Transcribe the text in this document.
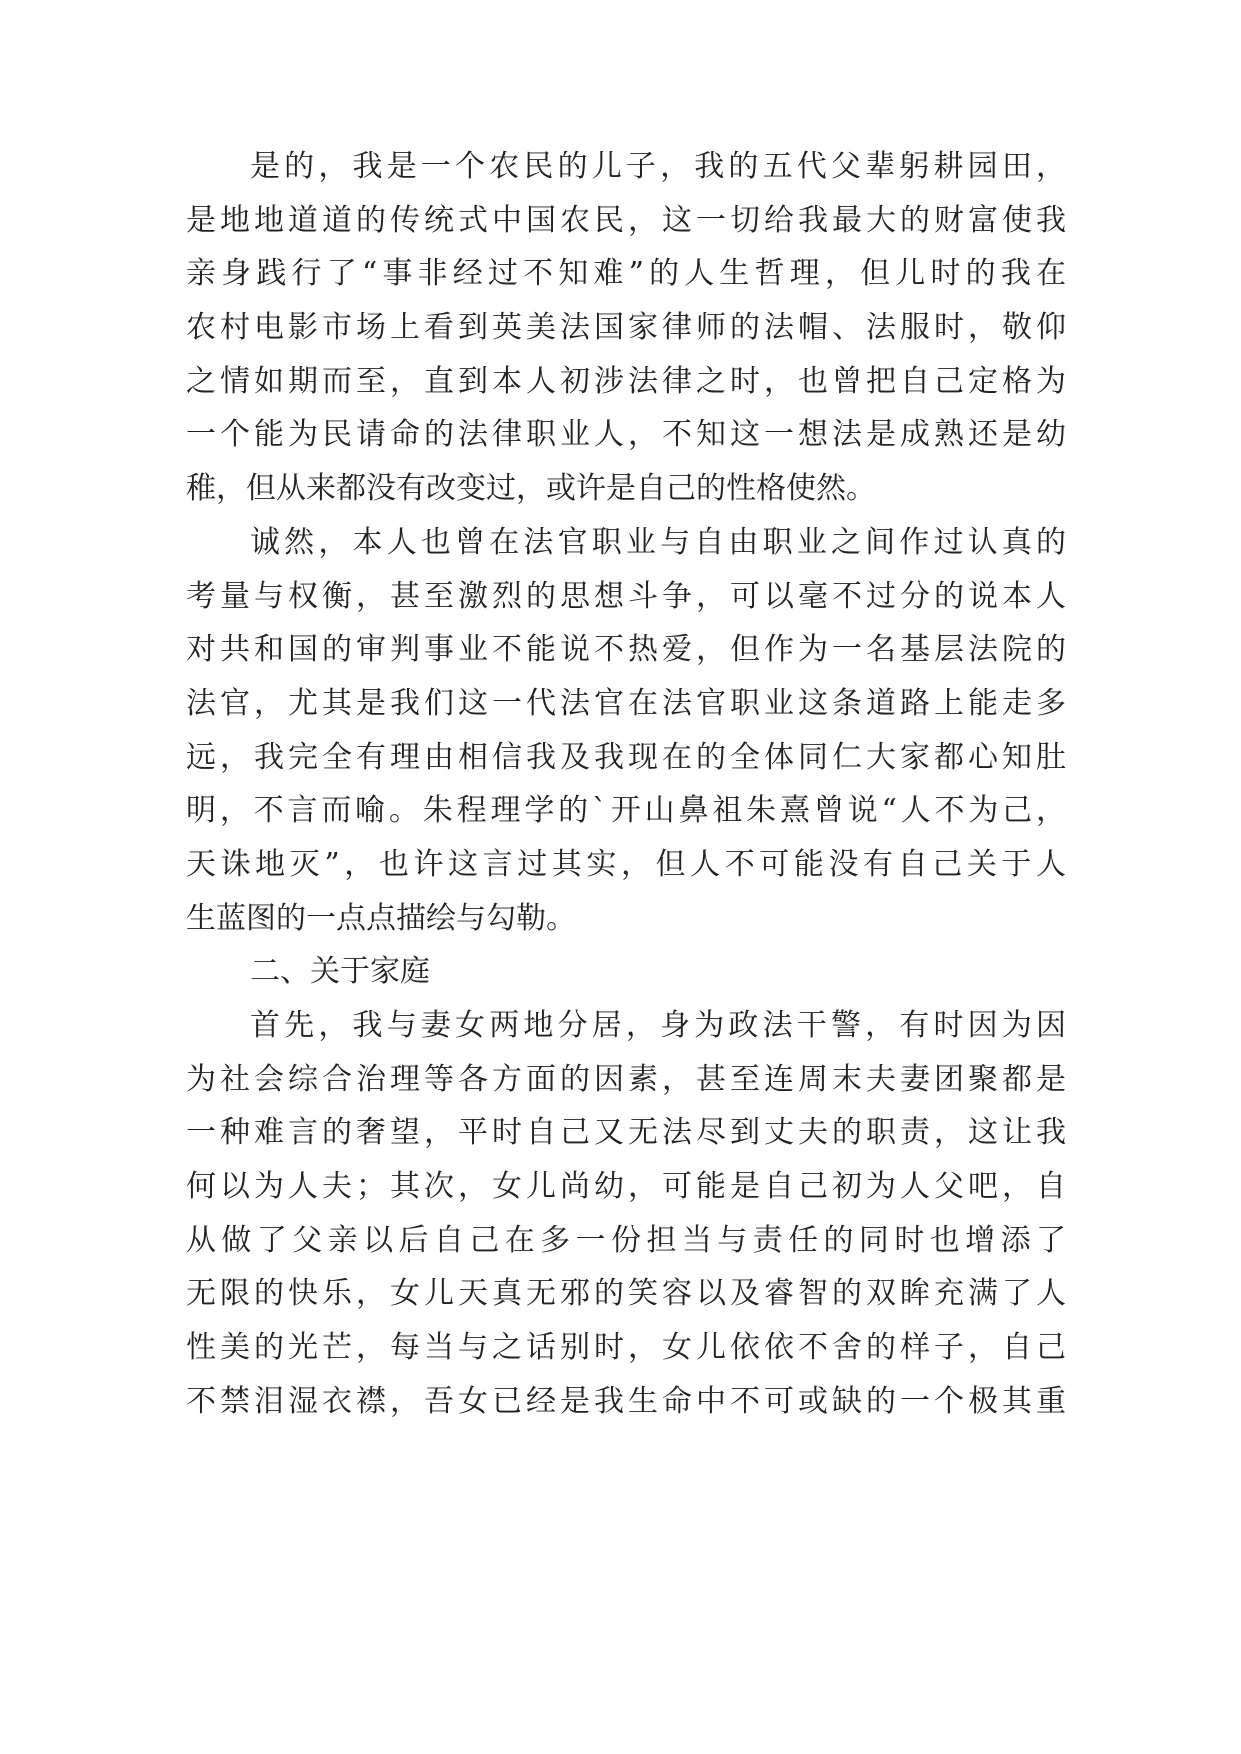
是的，我是一个农民的儿子，我的五代父辈躬耕园田，
是地地道道的传统式中国农民，这一切给我最大的财富使我
亲身践行了“事非经过不知难”的人生哲理，但儿时的我在
农村电影市场上看到英美法国家律师的法帽、法服时，敬仰
之情如期而至，直到本人初涉法律之时，也曾把自己定格为
一个能为民请命的法律职业人，不知这一想法是成熟还是幼
稚，但从来都没有改变过，或许是自己的性格使然。
诚然，本人也曾在法官职业与自由职业之间作过认真的
考量与权衡，甚至激烈的思想斗争，可以毫不过分的说本人
对共和国的审判事业不能说不热爱，但作为一名基层法院的
法官，尤其是我们这一代法官在法官职业这条道路上能走多
远，我完全有理由相信我及我现在的全体同仁大家都心知肚
明，不言而喻。朱程理学的`开山鼻祖朱熹曾说“人不为己，
天诛地灭”，也许这言过其实，但人不可能没有自己关于人
生蓝图的一点点描绘与勾勒。
二、关于家庭
首先，我与妻女两地分居，身为政法干警，有时因为因
为社会综合治理等各方面的因素，甚至连周末夫妻团聚都是
一种难言的奢望，平时自己又无法尽到丈夫的职责，这让我
何以为人夫；其次，女儿尚幼，可能是自己初为人父吧，自
从做了父亲以后自己在多一份担当与责任的同时也增添了
无限的快乐，女儿天真无邪的笑容以及睿智的双眸充满了人
性美的光芒，每当与之话别时，女儿依依不舍的样子，自己
不禁泪湿衣襟，吾女已经是我生命中不可或缺的一个极其重
